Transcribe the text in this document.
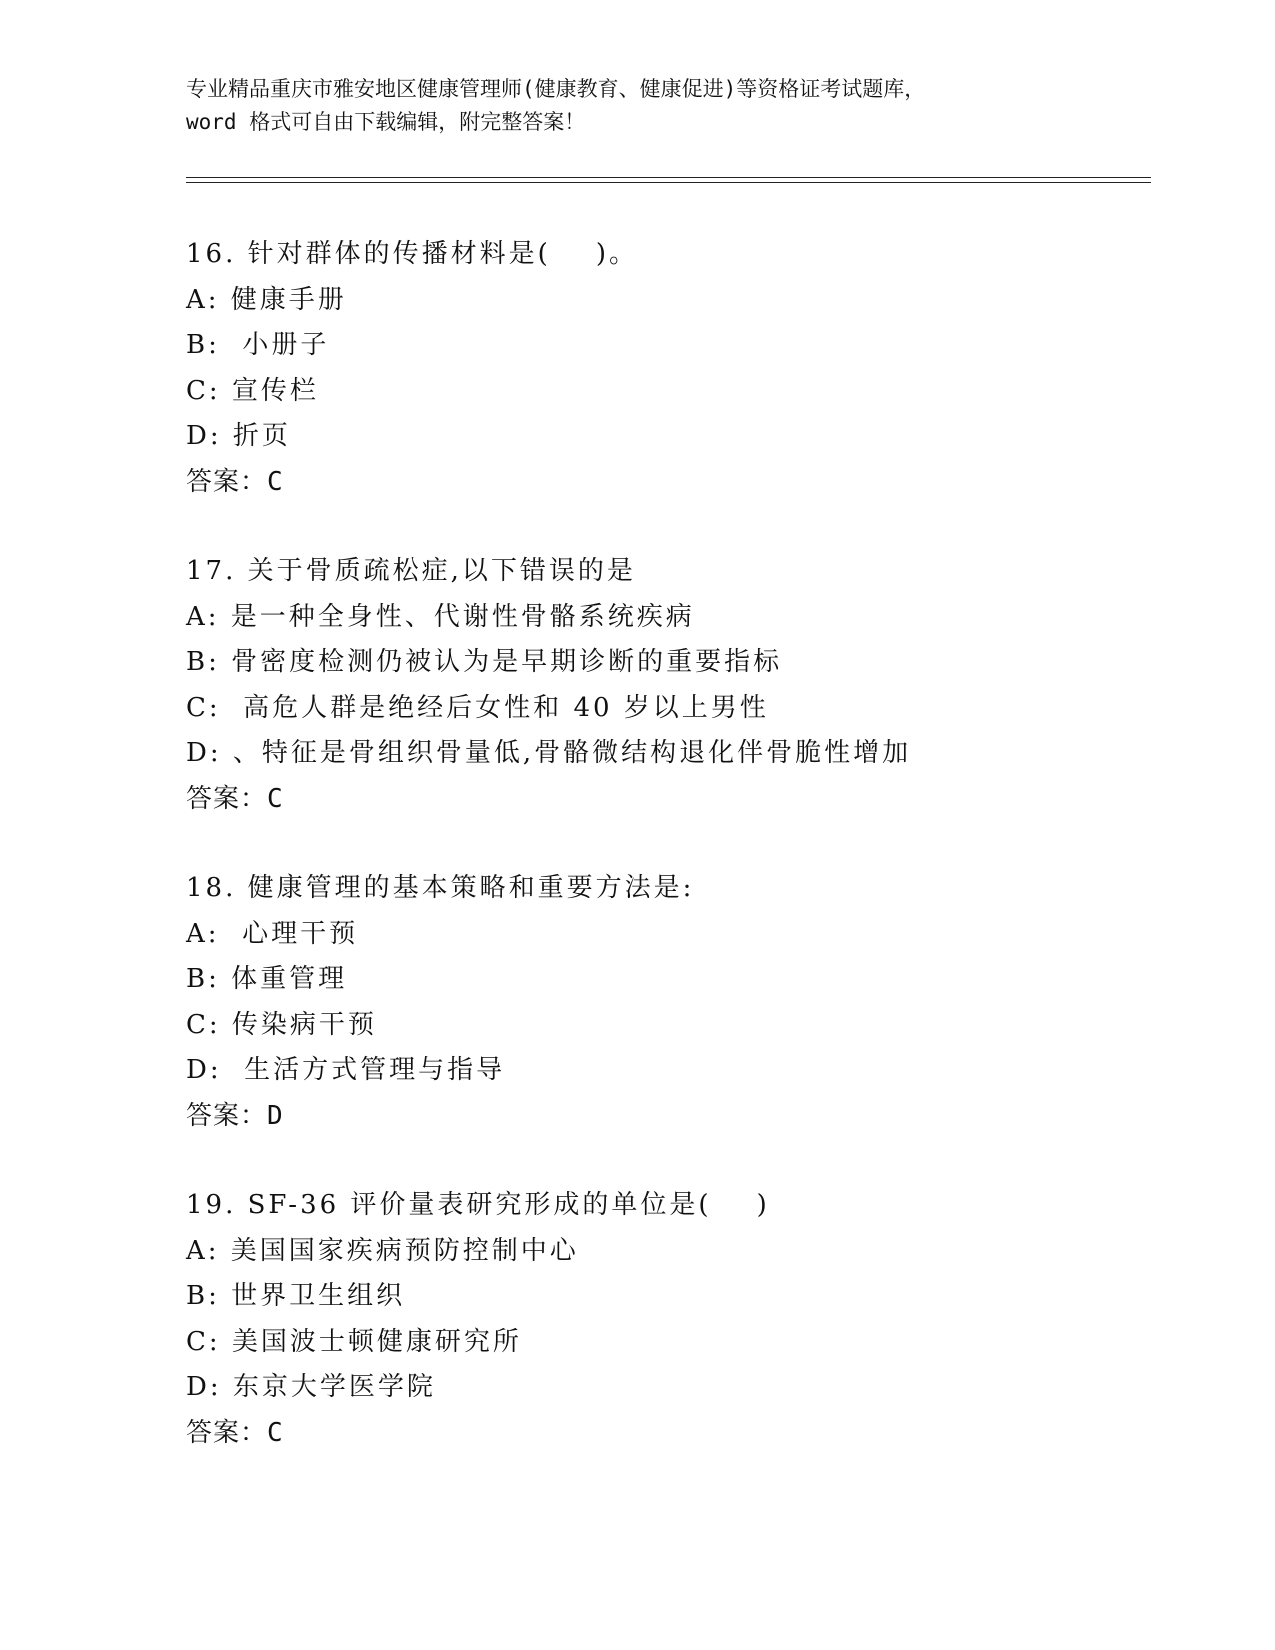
专业精品重庆市雅安地区健康管理师(健康教育、健康促进)等资格证考试题库，
word 格式可自由下载编辑，附完整答案！
16. 针对群体的传播材料是(    )。
A: 健康手册
B:  小册子
C: 宣传栏
D: 折页
答案：C
17. 关于骨质疏松症,以下错误的是
A: 是一种全身性、代谢性骨骼系统疾病
B: 骨密度检测仍被认为是早期诊断的重要指标
C:  高危人群是绝经后女性和 40 岁以上男性
D: 、特征是骨组织骨量低,骨骼微结构退化伴骨脆性增加
答案：C
18. 健康管理的基本策略和重要方法是:
A:  心理干预
B: 体重管理
C: 传染病干预
D:  生活方式管理与指导
答案：D
19. SF-36 评价量表研究形成的单位是(    )
A: 美国国家疾病预防控制中心
B: 世界卫生组织
C: 美国波士顿健康研究所
D: 东京大学医学院
答案：C
